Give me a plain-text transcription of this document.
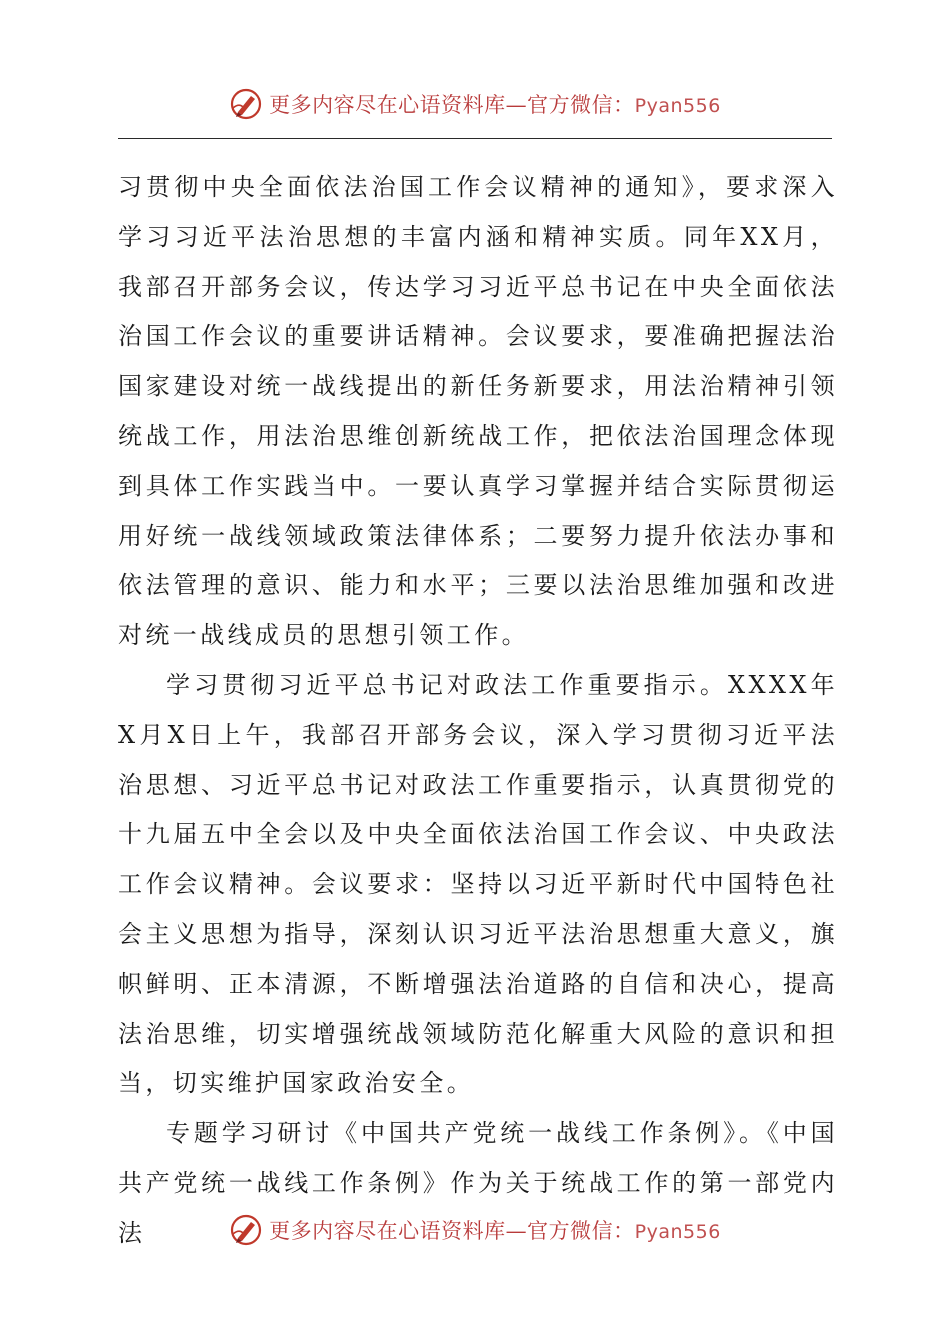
更多内容尽在心语资料库—官方微信：Pyan556

习贯彻中央全面依法治国工作会议精神的通知》，要求深入学习习近平法治思想的丰富内涵和精神实质。同年XX月，我部召开部务会议，传达学习习近平总书记在中央全面依法治国工作会议的重要讲话精神。会议要求，要准确把握法治国家建设对统一战线提出的新任务新要求，用法治精神引领统战工作，用法治思维创新统战工作，把依法治国理念体现到具体工作实践当中。一要认真学习掌握并结合实际贯彻运用好统一战线领域政策法律体系；二要努力提升依法办事和依法管理的意识、能力和水平；三要以法治思维加强和改进对统一战线成员的思想引领工作。

学习贯彻习近平总书记对政法工作重要指示。XXXX年X月X日上午，我部召开部务会议，深入学习贯彻习近平法治思想、习近平总书记对政法工作重要指示，认真贯彻党的十九届五中全会以及中央全面依法治国工作会议、中央政法工作会议精神。会议要求：坚持以习近平新时代中国特色社会主义思想为指导，深刻认识习近平法治思想重大意义，旗帜鲜明、正本清源，不断增强法治道路的自信和决心，提高法治思维，切实增强统战领域防范化解重大风险的意识和担当，切实维护国家政治安全。

专题学习研讨《中国共产党统一战线工作条例》。《中国共产党统一战线工作条例》作为关于统战工作的第一部党内法	更多内容尽在心语资料库—官方微信：Pyan556
